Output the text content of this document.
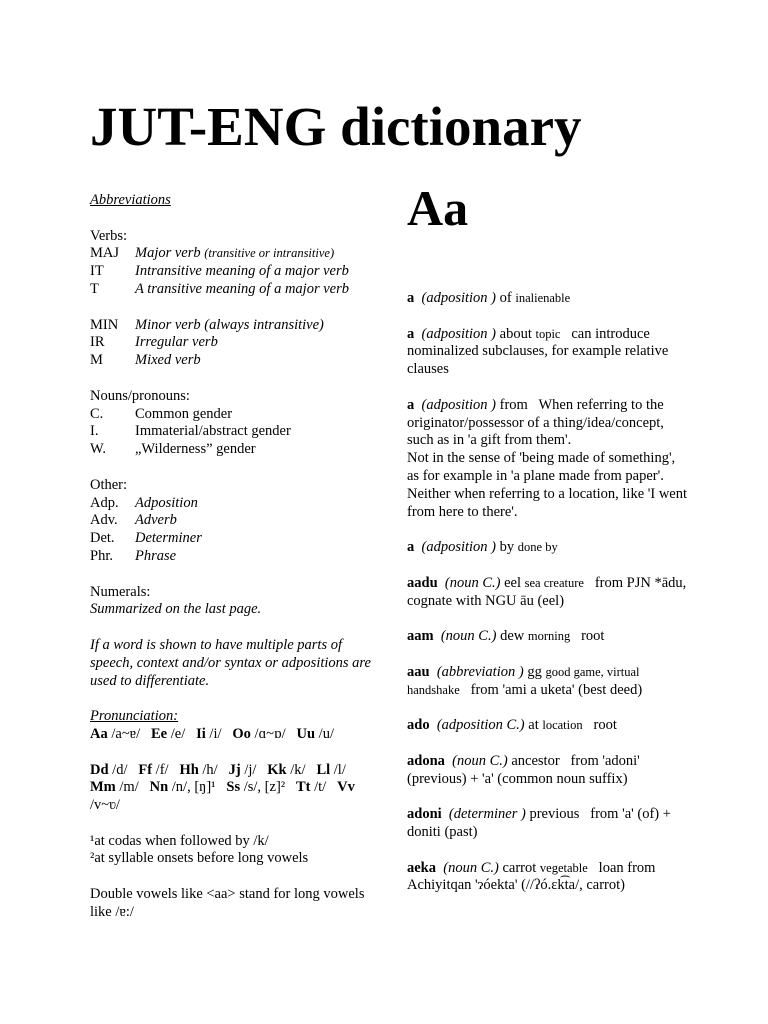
JUT-ENG dictionary
Abbreviations
Verbs:
MAJ	Major verb (transitive or intransitive)
IT	Intransitive meaning of a major verb
T	A transitive meaning of a major verb
MIN	Minor verb (always intransitive)
IR	Irregular verb
M	Mixed verb
Nouns/pronouns:
C.	Common gender
I.	Immaterial/abstract gender
W.	„Wilderness” gender
Other:
Adp.	Adposition
Adv.	Adverb
Det.	Determiner
Phr.	Phrase
Numerals:
Summarized on the last page.
If a word is shown to have multiple parts of speech, context and/or syntax or adpositions are used to differentiate.
Pronunciation:
Aa /a~ɐ/ Ee /e/ Ii /i/ Oo /ɑ~ɒ/ Uu /u/
Dd /d/ Ff /f/ Hh /h/ Jj /j/ Kk /k/ Ll /l/   Mm /m/ Nn /n/, [ŋ]¹ Ss /s/, [z]² Tt /t/ Vv /v~ʋ/
¹at codas when followed by /k/
²at syllable onsets before long vowels
Double vowels like <aa> stand for long vowels like /ɐ:/
Aa
a (adposition ) of inalienable
a (adposition ) about topic can introduce nominalized subclauses, for example relative clauses
a (adposition ) from When referring to the originator/possessor of a thing/idea/concept, such as in 'a gift from them'.
Not in the sense of 'being made of something', as for example in 'a plane made from paper'.
Neither when referring to a location, like 'I went from here to there'.
a (adposition ) by done by
aadu (noun C.) eel sea creature from PJN *ādu, cognate with NGU āu (eel)
aam (noun C.) dew morning root
aau (abbreviation ) gg good game, virtual handshake from 'ami a uketa' (best deed)
ado (adposition C.) at location root
adona (noun C.) ancestor from 'adoni' (previous) + 'a' (common noun suffix)
adoni (determiner ) previous from 'a' (of) + doniti (past)
aeka (noun C.) carrot vegetable loan from Achiyitqan 'ɂóekta' (//ʔó.ɛk͡ta/, carrot)
